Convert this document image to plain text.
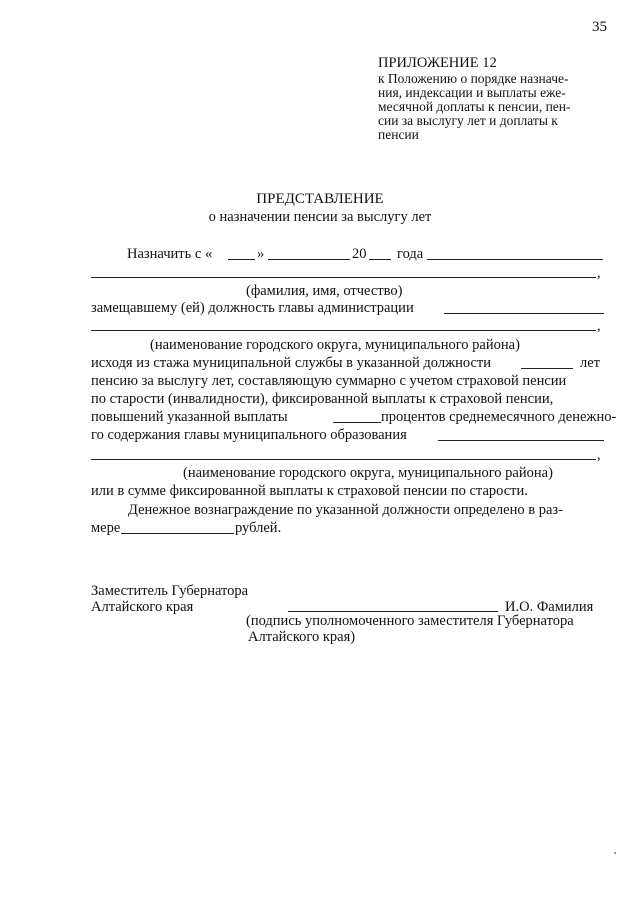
35
ПРИЛОЖЕНИЕ 12
к Положению о порядке назначе-
ния, индексации и выплаты еже-
месячной доплаты к пенсии, пен-
сии за выслугу лет и доплаты к
пенсии
ПРЕДСТАВЛЕНИЕ
о назначении пенсии за выслугу лет
Назначить с «	»	20 года
,
(фамилия, имя, отчество)
замещавшему (ей) должность главы администрации
,
(наименование городского округа, муниципального района)
исходя из стажа муниципальной службы в указанной должности	лет
пенсию за выслугу лет, составляющую суммарно с учетом страховой пенсии
по старости (инвалидности), фиксированной выплаты к страховой пенсии,
повышений указанной выплаты	процентов среднемесячного денежно-
го содержания главы муниципального образования
,
(наименование городского округа, муниципального района)
или в сумме фиксированной выплаты к страховой пенсии по старости.
Денежное вознаграждение по указанной должности определено в раз-
мере	рублей.
Заместитель Губернатора
Алтайского края	И.О. Фамилия
(подпись уполномоченного заместителя Губернатора
Алтайского края)
